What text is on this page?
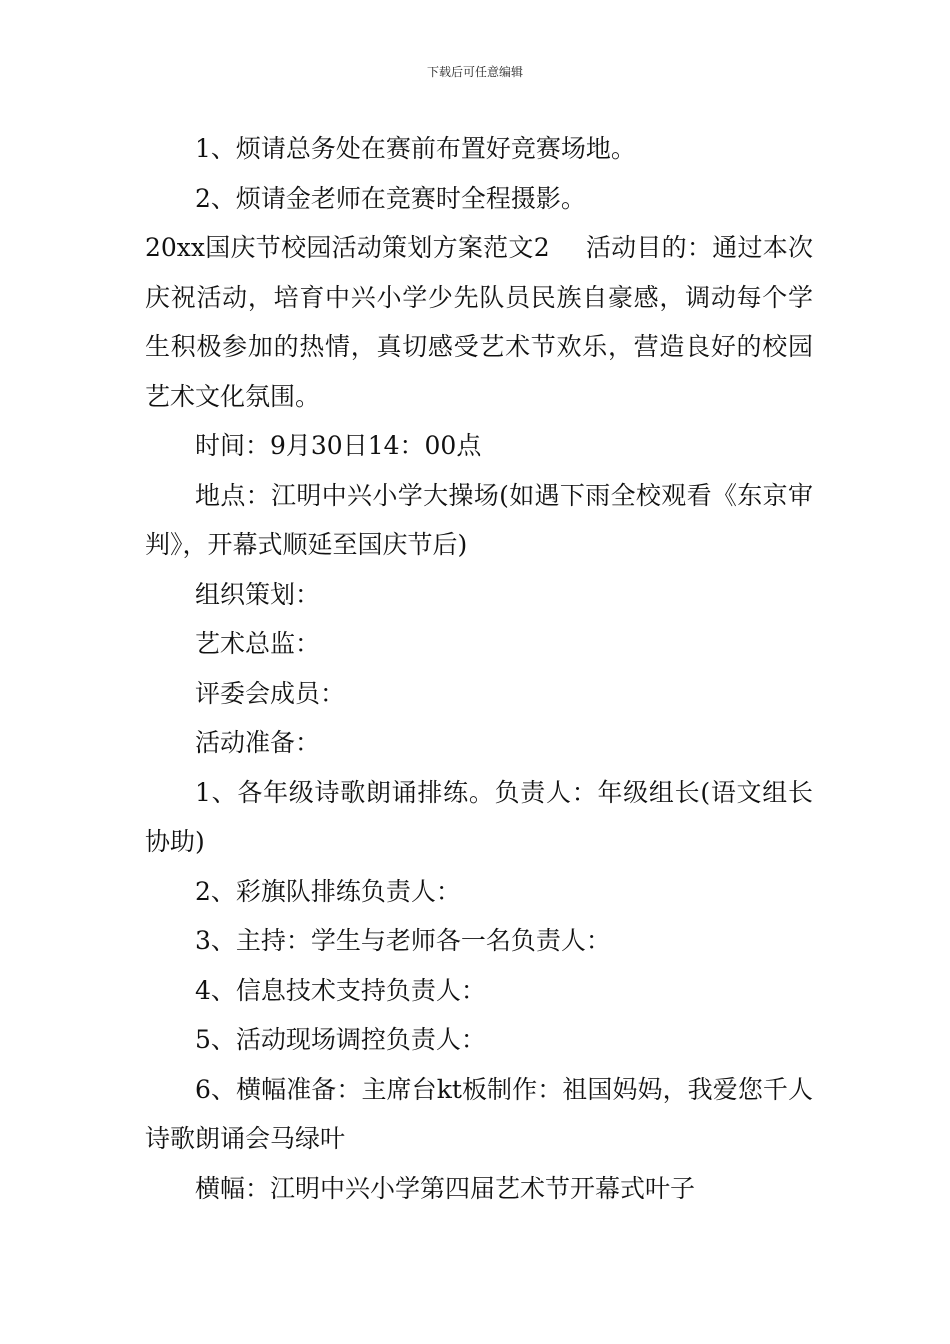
下载后可任意编辑

1、烦请总务处在赛前布置好竞赛场地。

2、烦请金老师在竞赛时全程摄影。

20xx国庆节校园活动策划方案范文2 活动目的：通过本次庆祝活动，培育中兴小学少先队员民族自豪感，调动每个学生积极参加的热情，真切感受艺术节欢乐，营造良好的校园艺术文化氛围。

时间：9月30日14：00点

地点：江明中兴小学大操场(如遇下雨全校观看《东京审判》，开幕式顺延至国庆节后)

组织策划：

艺术总监：

评委会成员：

活动准备：

1、各年级诗歌朗诵排练。负责人：年级组长(语文组长协助)

2、彩旗队排练负责人：

3、主持：学生与老师各一名负责人：

4、信息技术支持负责人：

5、活动现场调控负责人：

6、横幅准备：主席台kt板制作：祖国妈妈，我爱您千人诗歌朗诵会马绿叶

横幅：江明中兴小学第四届艺术节开幕式叶子
